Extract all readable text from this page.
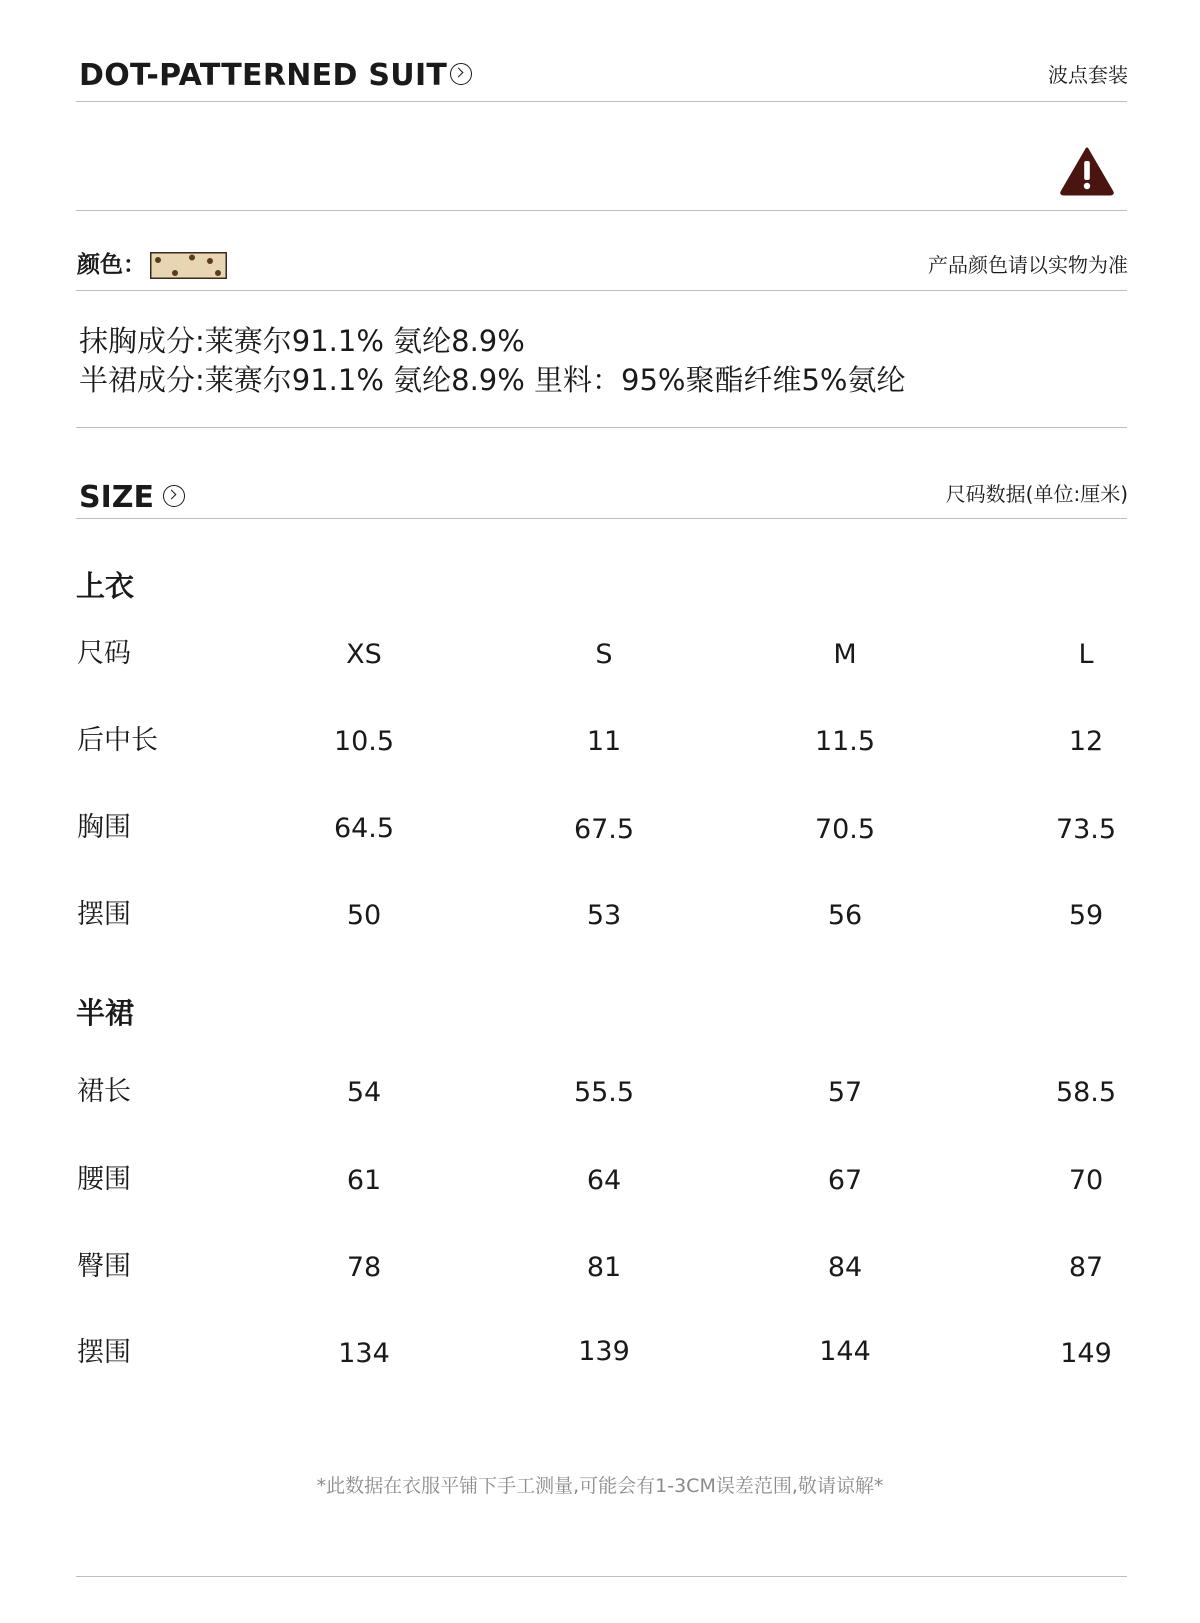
DOT-PATTERNED SUIT	波点套装
颜色：	产品颜色请以实物为准
抹胸成分:莱赛尔91.1% 氨纶8.9%
半裙成分:莱赛尔91.1% 氨纶8.9% 里料：95%聚酯纤维5%氨纶
SIZE	尺码数据(单位:厘米)
上衣
尺码	XS	S	M	L
后中长	10.5	11	11.5	12
胸围	64.5	67.5	70.5	73.5
摆围	50	53	56	59
半裙
裙长	54	55.5	57	58.5
腰围	61	64	67	70
臀围	78	81	84	87
摆围	134	139	144	149
*此数据在衣服平铺下手工测量,可能会有1-3CM误差范围,敬请谅解*
